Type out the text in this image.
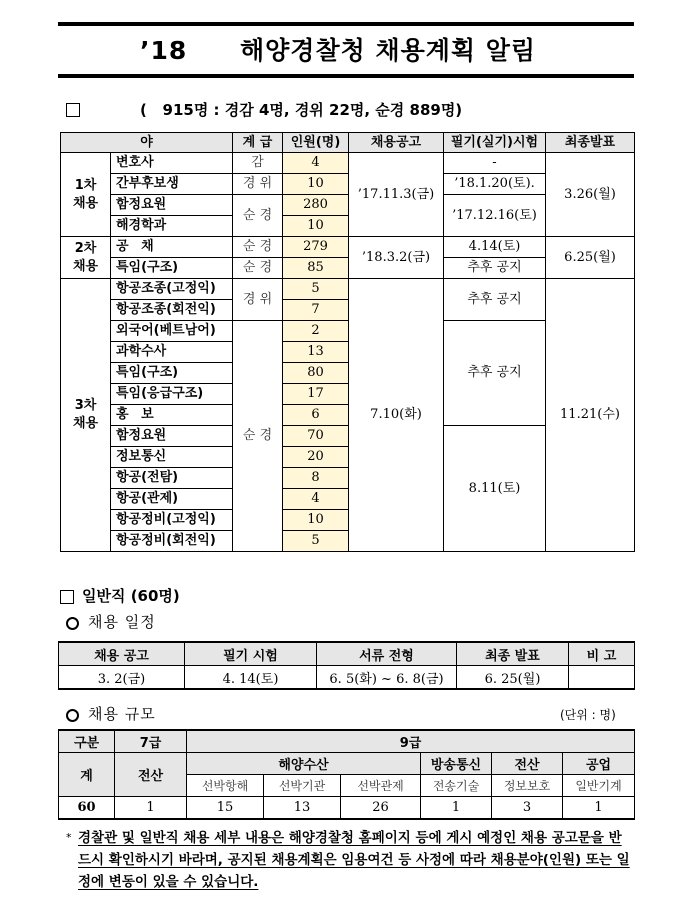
’18 해양경찰청 채용계획 알림
(   915명 : 경감 4명, 경위 22명, 순경 889명)
야		계 급	인원(명)	채용공고	필기(실기)시험	최종발표
1차
채용	변호사	감	4	’17.11.3(금)	-	3.26(월)
	간부후보생	경 위	10		’18.1.20(토).	
	함정요원	순 경	280		’17.12.16(토)	
	해경학과		10			
2차
채용	공 채	순 경	279	’18.3.2(금)	4.14(토)	6.25(월)
	특임(구조)	순 경	85		추후 공지	
3차
채용	항공조종(고정익)	경 위	5	7.10(화)	추후 공지	11.21(수)
	항공조종(회전익)		7			
	외국어(베트남어)	순 경	2		추후 공지	
	과학수사		13			
	특임(구조)		80			
	특임(응급구조)		17			
	홍 보		6			
	함정요원		70		8.11(토)	
	정보통신		20			
	항공(전탐)		8			
	항공(관제)		4			
	항공정비(고정익)		10			
	항공정비(회전익)		5			
일반직 (60명)
채용 일정
채용 공고	필기 시험	서류 전형	최종 발표	비 고
3. 2(금)	4. 14(토)	6. 5(화) ~ 6. 8(금)	6. 25(월)	
채용 규모	(단위 : 명)
구분	7급	9급					
계	전산	해양수산			방송통신	전산	공업
		선박항해	선박기관	선박관제	전송기술	정보보호	일반기계
60	1	15	13	26	1	3	1
* 경찰관 및 일반직 채용 세부 내용은 해양경찰청 홈페이지 등에 게시 예정인 채용 공고문을 반드시 확인하시기 바라며, 공지된 채용계획은 임용여건 등 사정에 따라 채용분야(인원) 또는 일정에 변동이 있을 수 있습니다.
